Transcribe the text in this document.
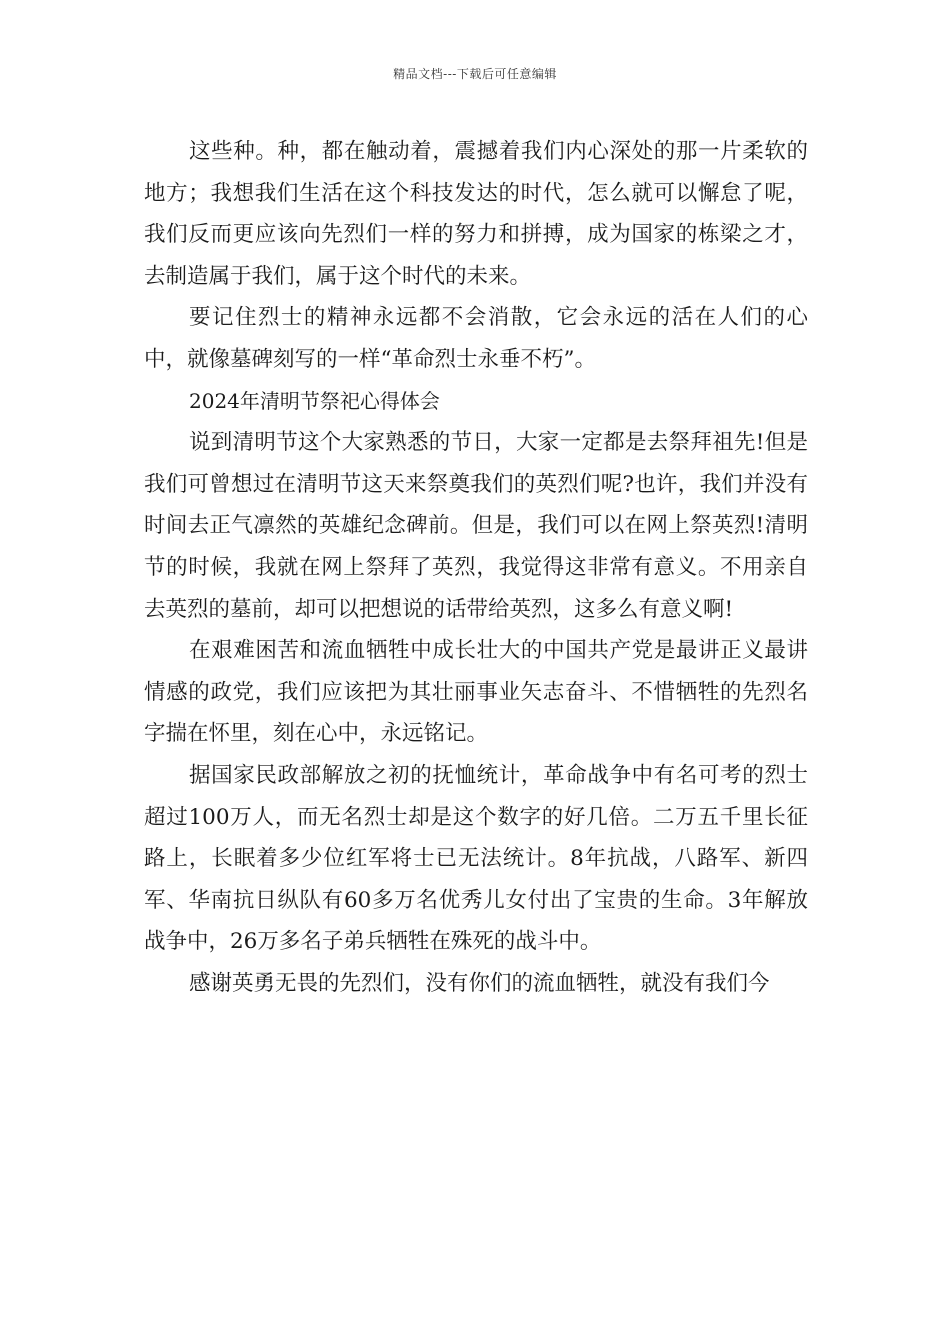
精品文档---下载后可任意编辑

这些种。种，都在触动着，震撼着我们内心深处的那一片柔软的地方；我想我们生活在这个科技发达的时代，怎么就可以懈怠了呢，我们反而更应该向先烈们一样的努力和拼搏，成为国家的栋梁之才，去制造属于我们，属于这个时代的未来。

要记住烈士的精神永远都不会消散，它会永远的活在人们的心中，就像墓碑刻写的一样“革命烈士永垂不朽”。

2024年清明节祭祀心得体会

说到清明节这个大家熟悉的节日，大家一定都是去祭拜祖先!但是我们可曾想过在清明节这天来祭奠我们的英烈们呢?也许，我们并没有时间去正气凛然的英雄纪念碑前。但是，我们可以在网上祭英烈!清明节的时候，我就在网上祭拜了英烈，我觉得这非常有意义。不用亲自去英烈的墓前，却可以把想说的话带给英烈，这多么有意义啊!

在艰难困苦和流血牺牲中成长壮大的中国共产党是最讲正义最讲情感的政党，我们应该把为其壮丽事业矢志奋斗、不惜牺牲的先烈名字揣在怀里，刻在心中，永远铭记。

据国家民政部解放之初的抚恤统计，革命战争中有名可考的烈士超过100万人，而无名烈士却是这个数字的好几倍。二万五千里长征路上，长眠着多少位红军将士已无法统计。8年抗战，八路军、新四军、华南抗日纵队有60多万名优秀儿女付出了宝贵的生命。3年解放战争中，26万多名子弟兵牺牲在殊死的战斗中。

感谢英勇无畏的先烈们，没有你们的流血牺牲，就没有我们今
